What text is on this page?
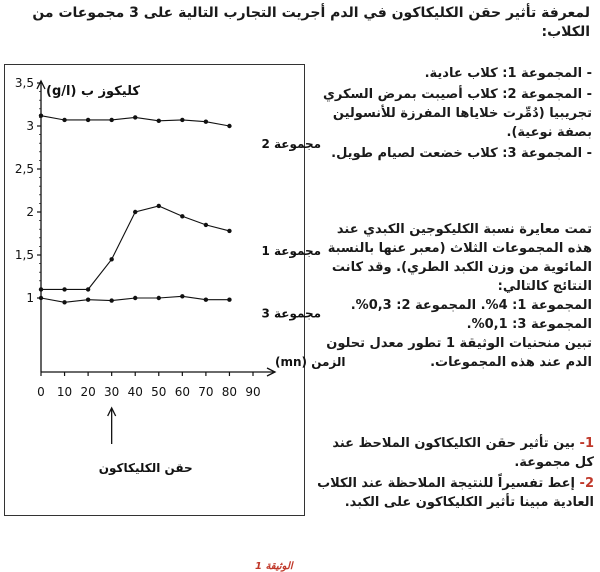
لمعرفة تأثير حقن الكليكاكون في الدم أجريت التجارب التالية على 3 مجموعات من الكلاب:

- المجموعة 1: كلاب عادية.

- المجموعة 2: كلاب أصيبت بمرض السكري تجريبيا (دُمِّرت خلاياها المفرزة للأنسولين بصفة نوعية).

- المجموعة 3: كلاب خضعت لصيام طويل.

تمت معايرة نسبة الكليكوجين الكبدي عند هذه المجموعات الثلاث (معبر عنها بالنسبة المائوية من وزن الكبد الطري). وقد كانت النتائج كالتالي:

المجموعة 1: 4%. المجموعة 2: 0,3%. المجموعة 3: 0,1%.

تبين منحنيات الوثيقة 1 تطور معدل تحلون الدم عند هذه المجموعات.

1- بين تأثير حقن الكليكاكون الملاحظ عند كل مجموعة.

2- إعط تفسيراً للنتيجة الملاحظة عند الكلاب العادية مبينا تأثير الكليكاكون على الكبد.

1
1,5
2
2,5
3
3,5
0 10 20 30 40 50 60 70 80 90
كليكوز ب (g/l)
الزمن (mn)
مجموعة 2
مجموعة 1
مجموعة 3
حقن الكليكاكون
الوثيقة 1
